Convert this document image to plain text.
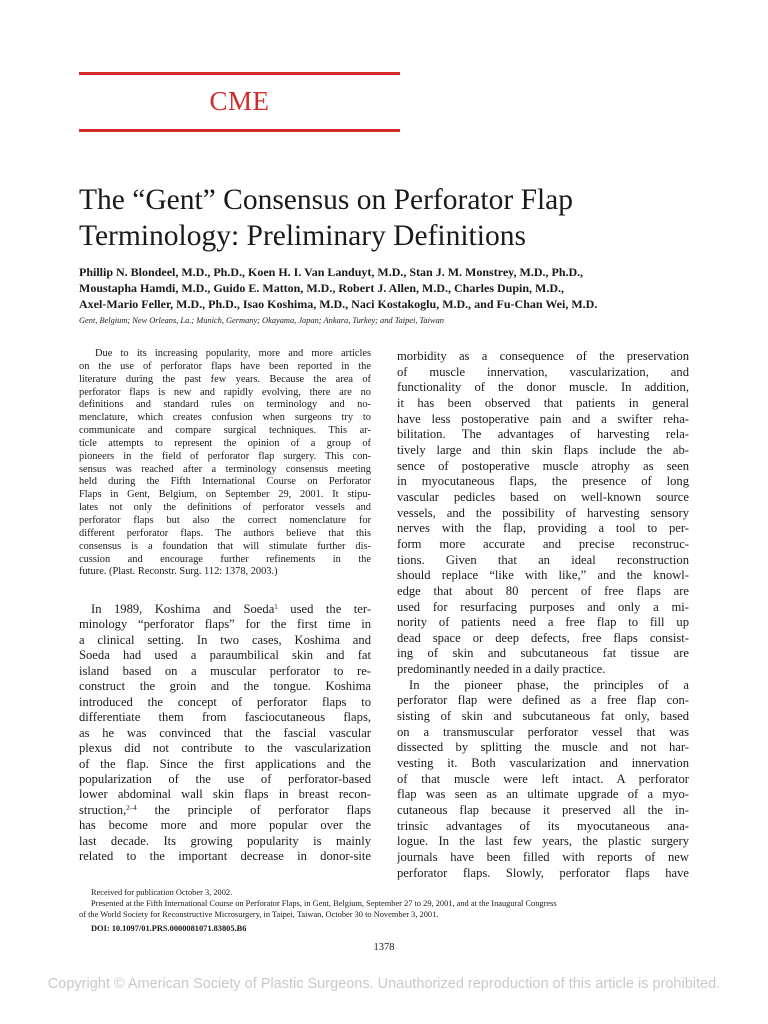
CME
The “Gent” Consensus on Perforator Flap
Terminology: Preliminary Definitions
Phillip N. Blondeel, M.D., Ph.D., Koen H. I. Van Landuyt, M.D., Stan J. M. Monstrey, M.D., Ph.D.,
Moustapha Hamdi, M.D., Guido E. Matton, M.D., Robert J. Allen, M.D., Charles Dupin, M.D.,
Axel-Mario Feller, M.D., Ph.D., Isao Koshima, M.D., Naci Kostakoglu, M.D., and Fu-Chan Wei, M.D.
Gent, Belgium; New Orleans, La.; Munich, Germany; Okayama, Japan; Ankara, Turkey; and Taipei, Taiwan
Due to its increasing popularity, more and more articles
on the use of perforator flaps have been reported in the
literature during the past few years. Because the area of
perforator flaps is new and rapidly evolving, there are no
definitions and standard rules on terminology and no-
menclature, which creates confusion when surgeons try to
communicate and compare surgical techniques. This ar-
ticle attempts to represent the opinion of a group of
pioneers in the field of perforator flap surgery. This con-
sensus was reached after a terminology consensus meeting
held during the Fifth International Course on Perforator
Flaps in Gent, Belgium, on September 29, 2001. It stipu-
lates not only the definitions of perforator vessels and
perforator flaps but also the correct nomenclature for
different perforator flaps. The authors believe that this
consensus is a foundation that will stimulate further dis-
cussion and encourage further refinements in the
future. (Plast. Reconstr. Surg. 112: 1378, 2003.)
In 1989, Koshima and Soeda$^1$ used the ter-
minology “perforator flaps” for the first time in
a clinical setting. In two cases, Koshima and
Soeda had used a paraumbilical skin and fat
island based on a muscular perforator to re-
construct the groin and the tongue. Koshima
introduced the concept of perforator flaps to
differentiate them from fasciocutaneous flaps,
as he was convinced that the fascial vascular
plexus did not contribute to the vascularization
of the flap. Since the first applications and the
popularization of the use of perforator-based
lower abdominal wall skin flaps in breast recon-
struction,$^{2-4}$ the principle of perforator flaps
has become more and more popular over the
last decade. Its growing popularity is mainly
related to the important decrease in donor-site
morbidity as a consequence of the preservation
of muscle innervation, vascularization, and
functionality of the donor muscle. In addition,
it has been observed that patients in general
have less postoperative pain and a swifter reha-
bilitation. The advantages of harvesting rela-
tively large and thin skin flaps include the ab-
sence of postoperative muscle atrophy as seen
in myocutaneous flaps, the presence of long
vascular pedicles based on well-known source
vessels, and the possibility of harvesting sensory
nerves with the flap, providing a tool to per-
form more accurate and precise reconstruc-
tions. Given that an ideal reconstruction
should replace “like with like,” and the knowl-
edge that about 80 percent of free flaps are
used for resurfacing purposes and only a mi-
nority of patients need a free flap to fill up
dead space or deep defects, free flaps consist-
ing of skin and subcutaneous fat tissue are
predominantly needed in a daily practice.
In the pioneer phase, the principles of a
perforator flap were defined as a free flap con-
sisting of skin and subcutaneous fat only, based
on a transmuscular perforator vessel that was
dissected by splitting the muscle and not har-
vesting it. Both vascularization and innervation
of that muscle were left intact. A perforator
flap was seen as an ultimate upgrade of a myo-
cutaneous flap because it preserved all the in-
trinsic advantages of its myocutaneous ana-
logue. In the last few years, the plastic surgery
journals have been filled with reports of new
perforator flaps. Slowly, perforator flaps have
Received for publication October 3, 2002.
Presented at the Fifth International Course on Perforator Flaps, in Gent, Belgium, September 27 to 29, 2001, and at the Inaugural Congress
of the World Society for Reconstructive Microsurgery, in Taipei, Taiwan, October 30 to November 3, 2001.
DOI: 10.1097/01.PRS.0000081071.83805.B6
1378
Copyright © American Society of Plastic Surgeons. Unauthorized reproduction of this article is prohibited.
